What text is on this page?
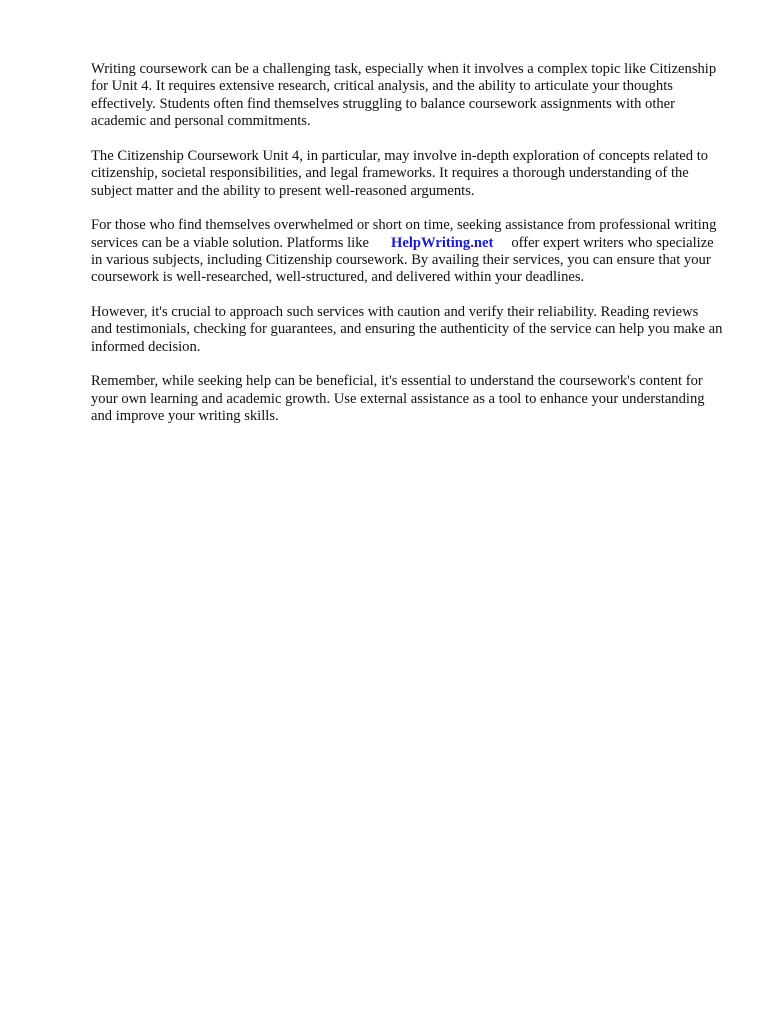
Writing coursework can be a challenging task, especially when it involves a complex topic like Citizenship for Unit 4. It requires extensive research, critical analysis, and the ability to articulate your thoughts effectively. Students often find themselves struggling to balance coursework assignments with other academic and personal commitments.

The Citizenship Coursework Unit 4, in particular, may involve in-depth exploration of concepts related to citizenship, societal responsibilities, and legal frameworks. It requires a thorough understanding of the subject matter and the ability to present well-reasoned arguments.

For those who find themselves overwhelmed or short on time, seeking assistance from professional writing services can be a viable solution. Platforms like HelpWriting.net offer expert writers who specialize in various subjects, including Citizenship coursework. By availing their services, you can ensure that your coursework is well-researched, well-structured, and delivered within your deadlines.

However, it's crucial to approach such services with caution and verify their reliability. Reading reviews and testimonials, checking for guarantees, and ensuring the authenticity of the service can help you make an informed decision.

Remember, while seeking help can be beneficial, it's essential to understand the coursework's content for your own learning and academic growth. Use external assistance as a tool to enhance your understanding and improve your writing skills.
